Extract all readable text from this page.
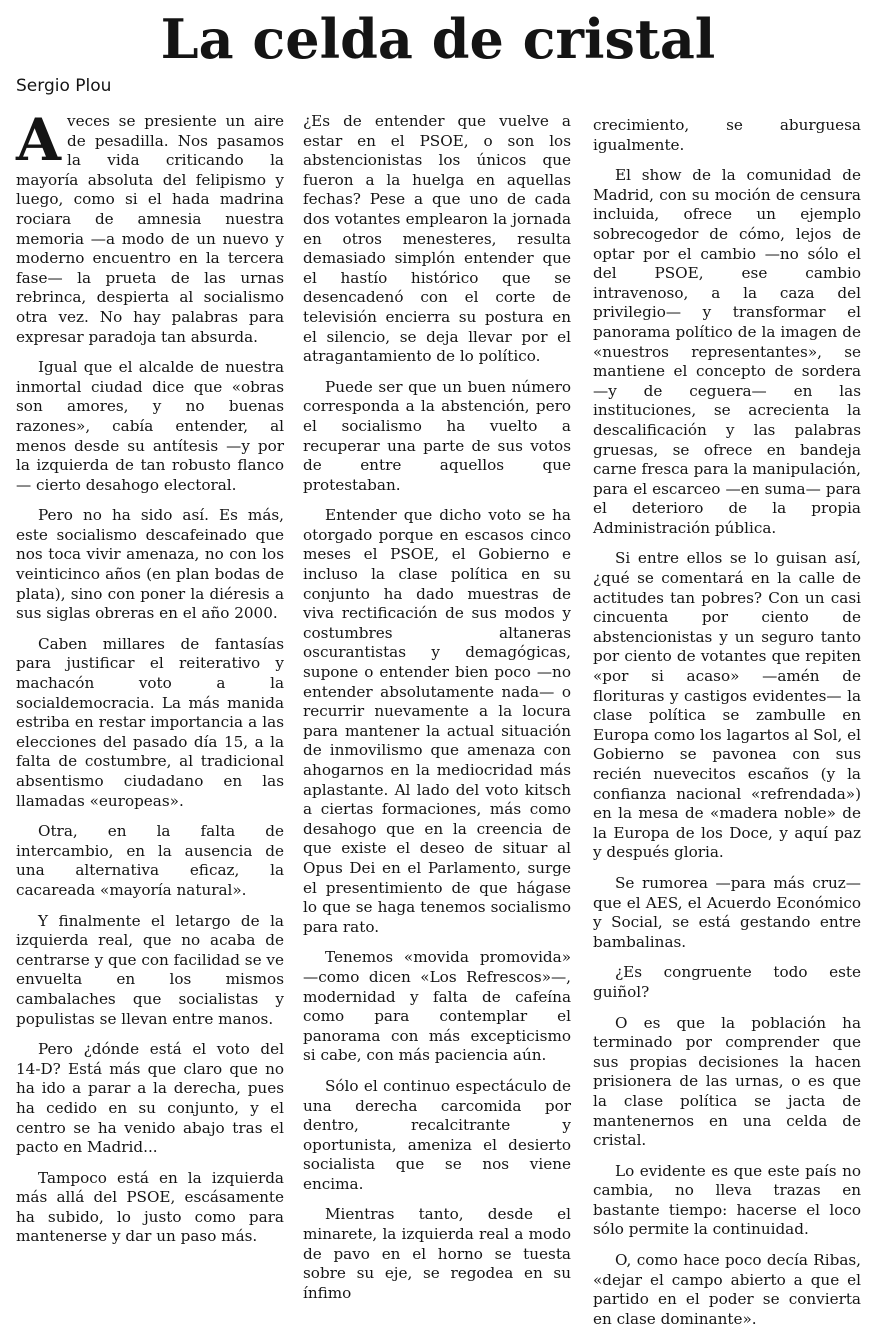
La celda de cristal
Sergio Plou

Aveces se presiente un aire de pesadilla. Nos pasamos la vida criticando la mayoría absoluta del felipismo y luego, como si el hada madrina rociara de amnesia nuestra memoria —a modo de un nuevo y moderno encuentro en la tercera fase— la prueta de las urnas rebrinca, despierta al socialismo otra vez. No hay palabras para expresar paradoja tan absurda.

Igual que el alcalde de nuestra inmortal ciudad dice que «obras son amores, y no buenas razones», cabía entender, al menos desde su antítesis —y por la izquierda de tan robusto flanco— cierto desahogo electoral.

Pero no ha sido así. Es más, este socialismo descafeinado que nos toca vivir amenaza, no con los veinticinco años (en plan bodas de plata), sino con poner la diéresis a sus siglas obreras en el año 2000.

Caben millares de fantasías para justificar el reiterativo y machacón voto a la socialdemocracia. La más manida estriba en restar importancia a las elecciones del pasado día 15, a la falta de costumbre, al tradicional absentismo ciudadano en las llamadas «europeas».

Otra, en la falta de intercambio, en la ausencia de una alternativa eficaz, la cacareada «mayoría natural».

Y finalmente el letargo de la izquierda real, que no acaba de centrarse y que con facilidad se ve envuelta en los mismos cambalaches que socialistas y populistas se llevan entre manos.

Pero ¿dónde está el voto del 14-D? Está más que claro que no ha ido a parar a la derecha, pues ha cedido en su conjunto, y el centro se ha venido abajo tras el pacto en Madrid...

Tampoco está en la izquierda más allá del PSOE, escásamente ha subido, lo justo como para mantenerse y dar un paso más.

¿Es de entender que vuelve a estar en el PSOE, o son los abstencionistas los únicos que fueron a la huelga en aquellas fechas? Pese a que uno de cada dos votantes emplearon la jornada en otros menesteres, resulta demasiado simplón entender que el hastío histórico que se desencadenó con el corte de televisión encierra su postura en el silencio, se deja llevar por el atragantamiento de lo político.

Puede ser que un buen número corresponda a la abstención, pero el socialismo ha vuelto a recuperar una parte de sus votos de entre aquellos que protestaban.

Entender que dicho voto se ha otorgado porque en escasos cinco meses el PSOE, el Gobierno e incluso la clase política en su conjunto ha dado muestras de viva rectificación de sus modos y costumbres altaneras oscurantistas y demagógicas, supone o entender bien poco —no entender absolutamente nada— o recurrir nuevamente a la locura para mantener la actual situación de inmovilismo que amenaza con ahogarnos en la mediocridad más aplastante. Al lado del voto kitsch a ciertas formaciones, más como desahogo que en la creencia de que existe el deseo de situar al Opus Dei en el Parlamento, surge el presentimiento de que hágase lo que se haga tenemos socialismo para rato.

Tenemos «movida promovida» —como dicen «Los Refrescos»—, modernidad y falta de cafeína como para contemplar el panorama con más excepticismo si cabe, con más paciencia aún.

Sólo el continuo espectáculo de una derecha carcomida por dentro, recalcitrante y oportunista, ameniza el desierto socialista que se nos viene encima.

Mientras tanto, desde el minarete, la izquierda real a modo de pavo en el horno se tuesta sobre su eje, se regodea en su ínfimo

crecimiento, se aburguesa igualmente.

El show de la comunidad de Madrid, con su moción de censura incluida, ofrece un ejemplo sobrecogedor de cómo, lejos de optar por el cambio —no sólo el del PSOE, ese cambio intravenoso, a la caza del privilegio— y transformar el panorama político de la imagen de «nuestros representantes», se mantiene el concepto de sordera —y de ceguera— en las instituciones, se acrecienta la descalificación y las palabras gruesas, se ofrece en bandeja carne fresca para la manipulación, para el escarceo —en suma— para el deterioro de la propia Administración pública.

Si entre ellos se lo guisan así, ¿qué se comentará en la calle de actitudes tan pobres? Con un casi cincuenta por ciento de abstencionistas y un seguro tanto por ciento de votantes que repiten «por si acaso» —amén de florituras y castigos evidentes— la clase política se zambulle en Europa como los lagartos al Sol, el Gobierno se pavonea con sus recién nuevecitos escaños (y la confianza nacional «refrendada») en la mesa de «madera noble» de la Europa de los Doce, y aquí paz y después gloria.

Se rumorea —para más cruz— que el AES, el Acuerdo Económico y Social, se está gestando entre bambalinas.

¿Es congruente todo este guiñol?

O es que la población ha terminado por comprender que sus propias decisiones la hacen prisionera de las urnas, o es que la clase política se jacta de mantenernos en una celda de cristal.

Lo evidente es que este país no cambia, no lleva trazas en bastante tiempo: hacerse el loco sólo permite la continuidad.

O, como hace poco decía Ribas, «dejar el campo abierto a que el partido en el poder se convierta en clase dominante».
